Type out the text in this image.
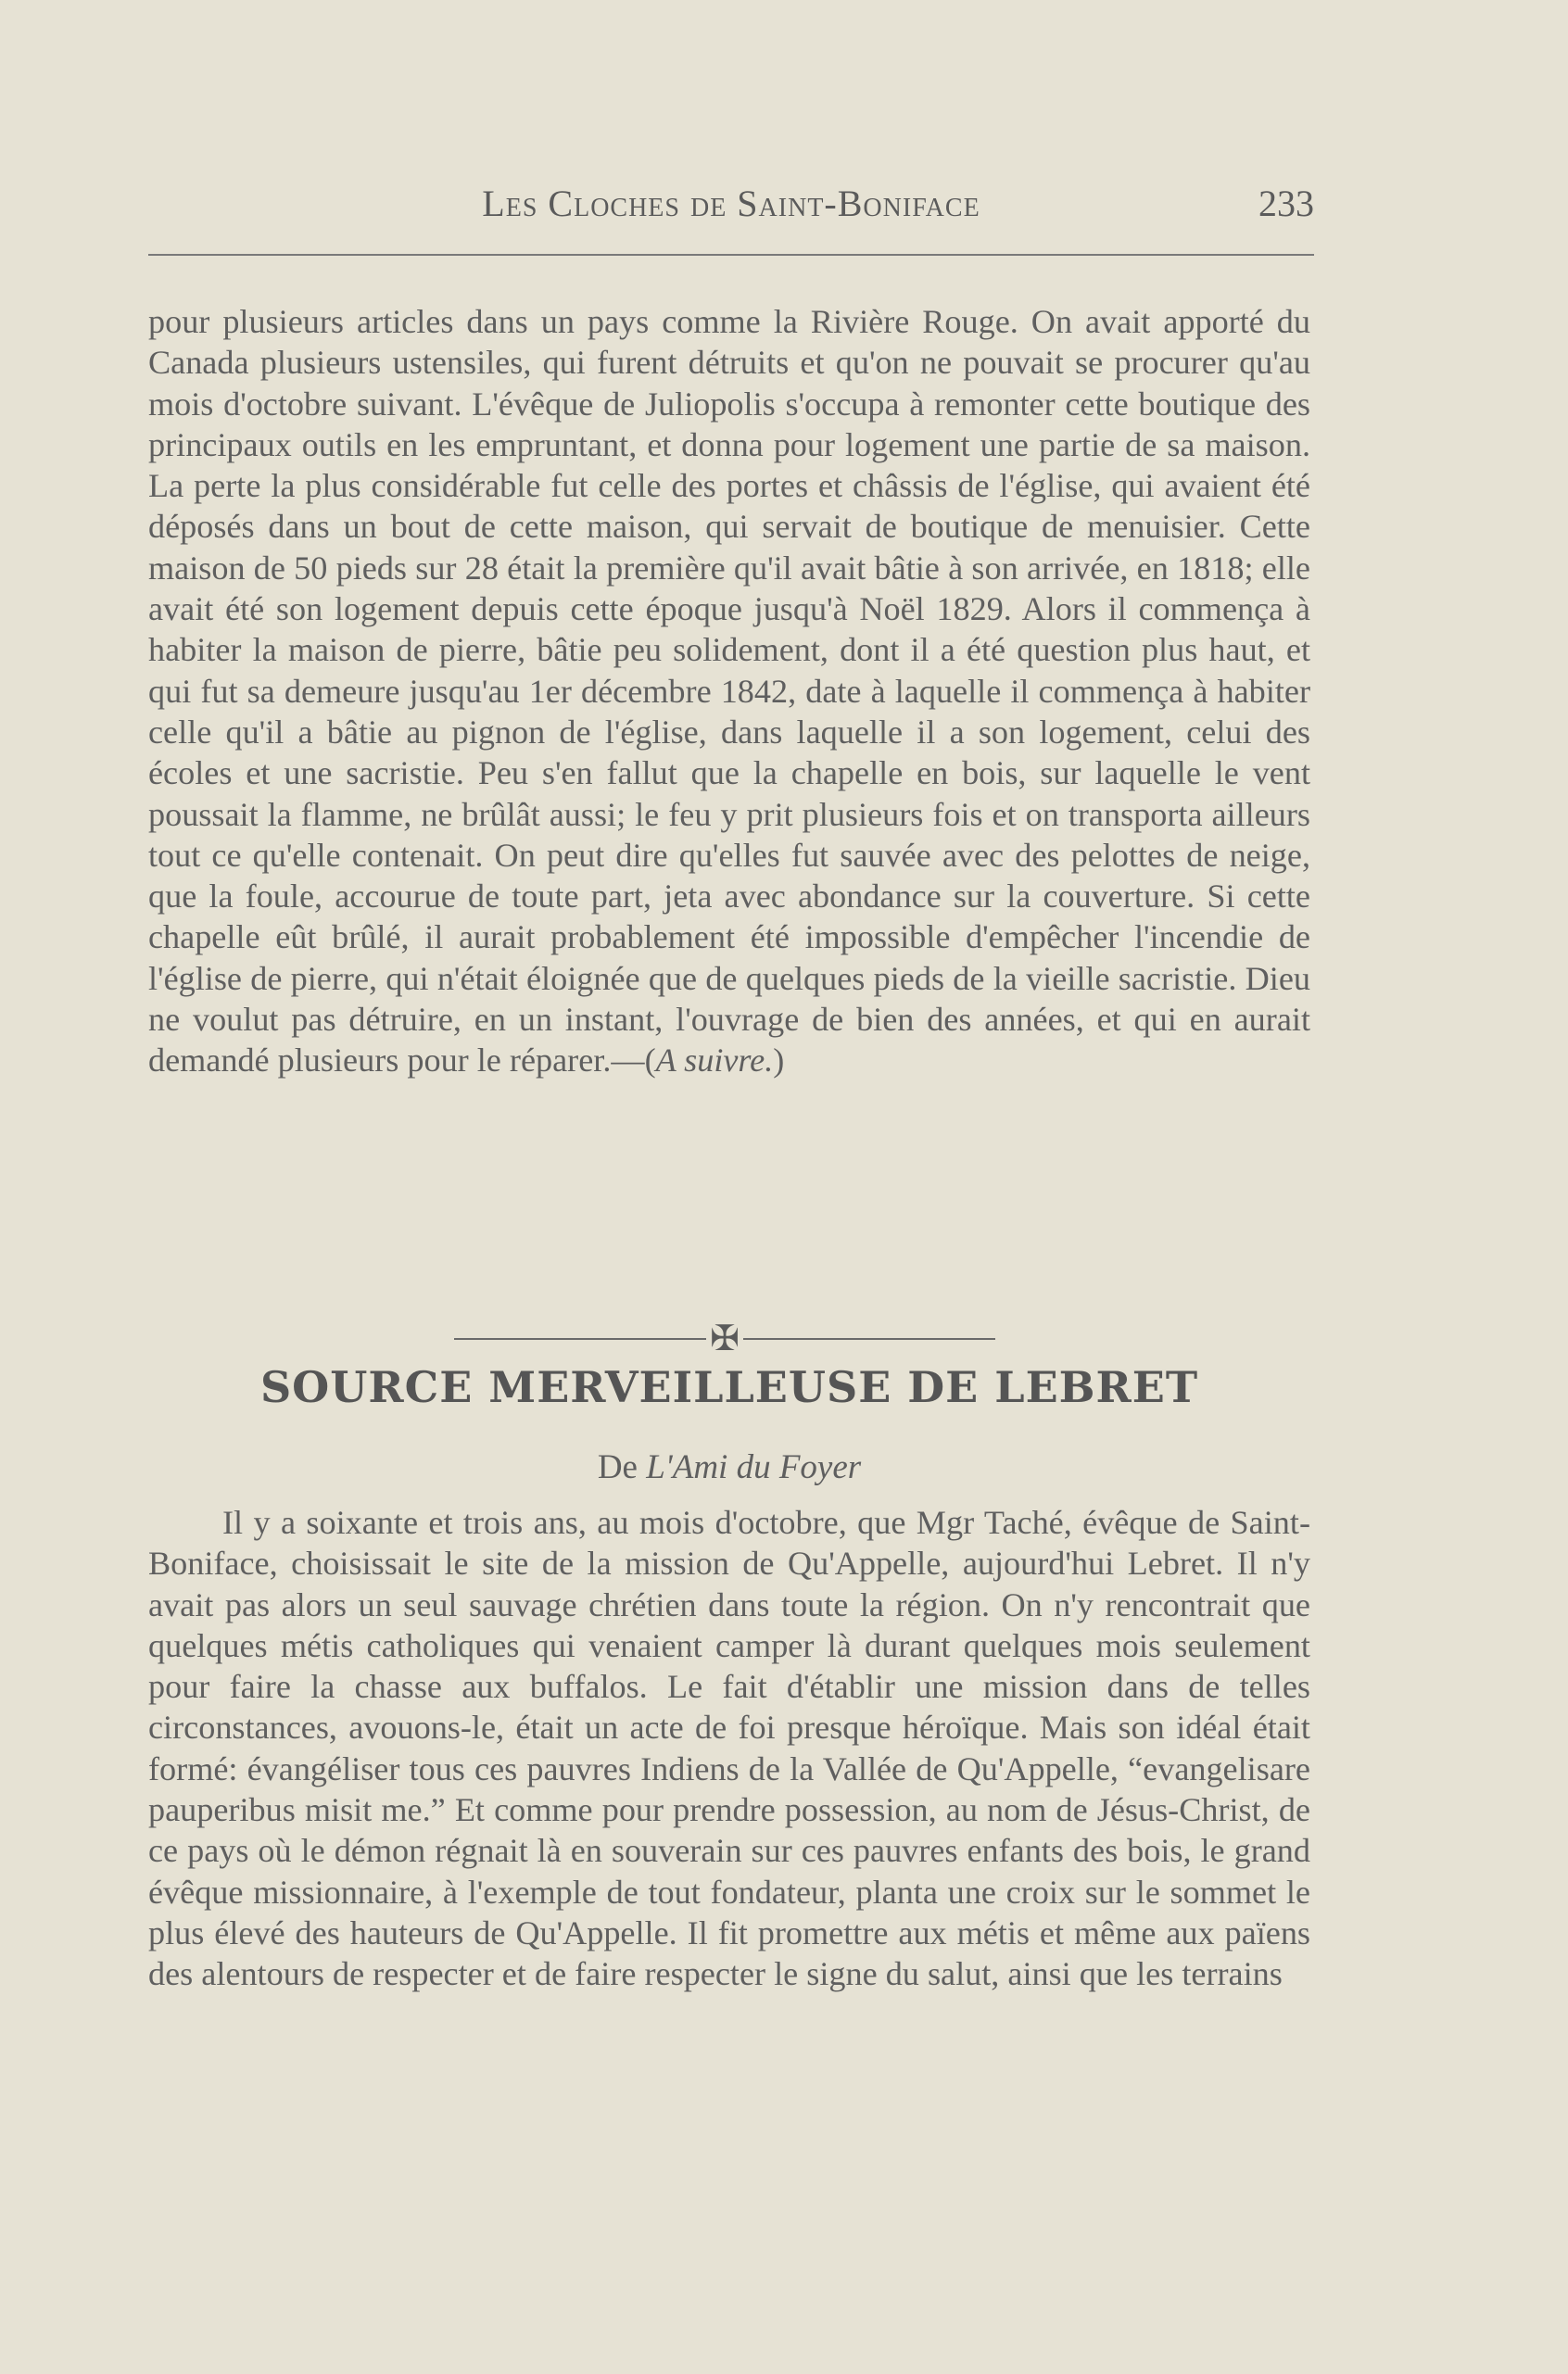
Les Cloches de Saint-Boniface	233

pour plusieurs articles dans un pays comme la Rivière Rouge. On avait apporté du Canada plusieurs ustensiles, qui furent détruits et qu'on ne pouvait se procurer qu'au mois d'octobre suivant. L'évêque de Juliopolis s'occupa à remonter cette boutique des principaux outils en les empruntant, et donna pour logement une partie de sa maison. La perte la plus considérable fut celle des portes et châssis de l'église, qui avaient été déposés dans un bout de cette maison, qui servait de boutique de menuisier. Cette maison de 50 pieds sur 28 était la première qu'il avait bâtie à son arrivée, en 1818; elle avait été son logement depuis cette époque jusqu'à Noël 1829. Alors il commença à habiter la maison de pierre, bâtie peu solidement, dont il a été question plus haut, et qui fut sa demeure jusqu'au 1er décembre 1842, date à laquelle il commença à habiter celle qu'il a bâtie au pignon de l'église, dans laquelle il a son logement, celui des écoles et une sacristie. Peu s'en fallut que la chapelle en bois, sur laquelle le vent poussait la flamme, ne brûlât aussi; le feu y prit plusieurs fois et on transporta ailleurs tout ce qu'elle contenait. On peut dire qu'elles fut sauvée avec des pelottes de neige, que la foule, accourue de toute part, jeta avec abondance sur la couverture. Si cette chapelle eût brûlé, il aurait probablement été impossible d'empêcher l'incendie de l'église de pierre, qui n'était éloignée que de quelques pieds de la vieille sacristie. Dieu ne voulut pas détruire, en un instant, l'ouvrage de bien des années, et qui en aurait demandé plusieurs pour le réparer.—(A suivre.)

✠
SOURCE MERVEILLEUSE DE LEBRET
De L'Ami du Foyer

Il y a soixante et trois ans, au mois d'octobre, que Mgr Taché, évêque de Saint-Boniface, choisissait le site de la mission de Qu'Appelle, aujourd'hui Lebret. Il n'y avait pas alors un seul sauvage chrétien dans toute la région. On n'y rencontrait que quelques métis catholiques qui venaient camper là durant quelques mois seulement pour faire la chasse aux buffalos. Le fait d'établir une mission dans de telles circonstances, avouons-le, était un acte de foi presque héroïque. Mais son idéal était formé: évangéliser tous ces pauvres Indiens de la Vallée de Qu'Appelle, “evangelisare pauperibus misit me.” Et comme pour prendre possession, au nom de Jésus-Christ, de ce pays où le démon régnait là en souverain sur ces pauvres enfants des bois, le grand évêque missionnaire, à l'exemple de tout fondateur, planta une croix sur le sommet le plus élevé des hauteurs de Qu'Appelle. Il fit promettre aux métis et même aux païens des alentours de respecter et de faire respecter le signe du salut, ainsi que les terrains
